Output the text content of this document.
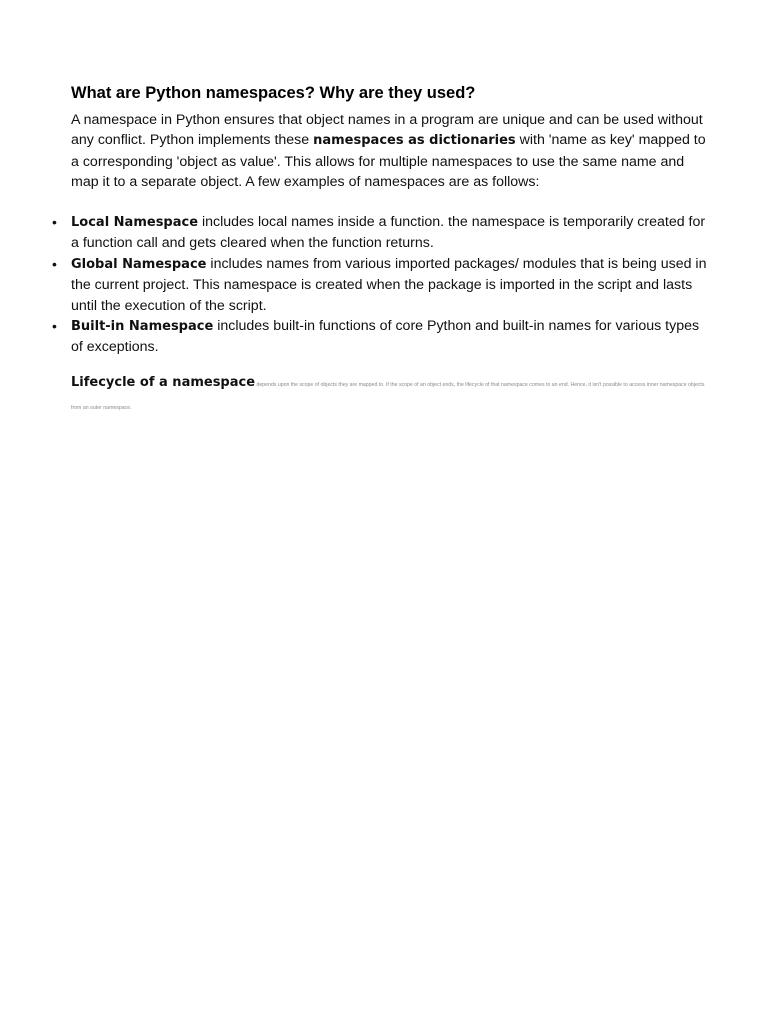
What are Python namespaces? Why are they used?

A namespace in Python ensures that object names in a program are unique and can be used without any conflict. Python implements these namespaces as dictionaries with 'name as key' mapped to a corresponding 'object as value'. This allows for multiple namespaces to use the same name and map it to a separate object. A few examples of namespaces are as follows:

• Local Namespace includes local names inside a function. the namespace is temporarily created for a function call and gets cleared when the function returns.
• Global Namespace includes names from various imported packages/ modules that is being used in the current project. This namespace is created when the package is imported in the script and lasts until the execution of the script.
• Built-in Namespace includes built-in functions of core Python and built-in names for various types of exceptions.

Lifecycle of a namespace depends upon the scope of objects they are mapped to. If the scope of an object ends, the lifecycle of that namespace comes to an end. Hence, it isn't possible to access inner namespace objects from an outer namespace.
